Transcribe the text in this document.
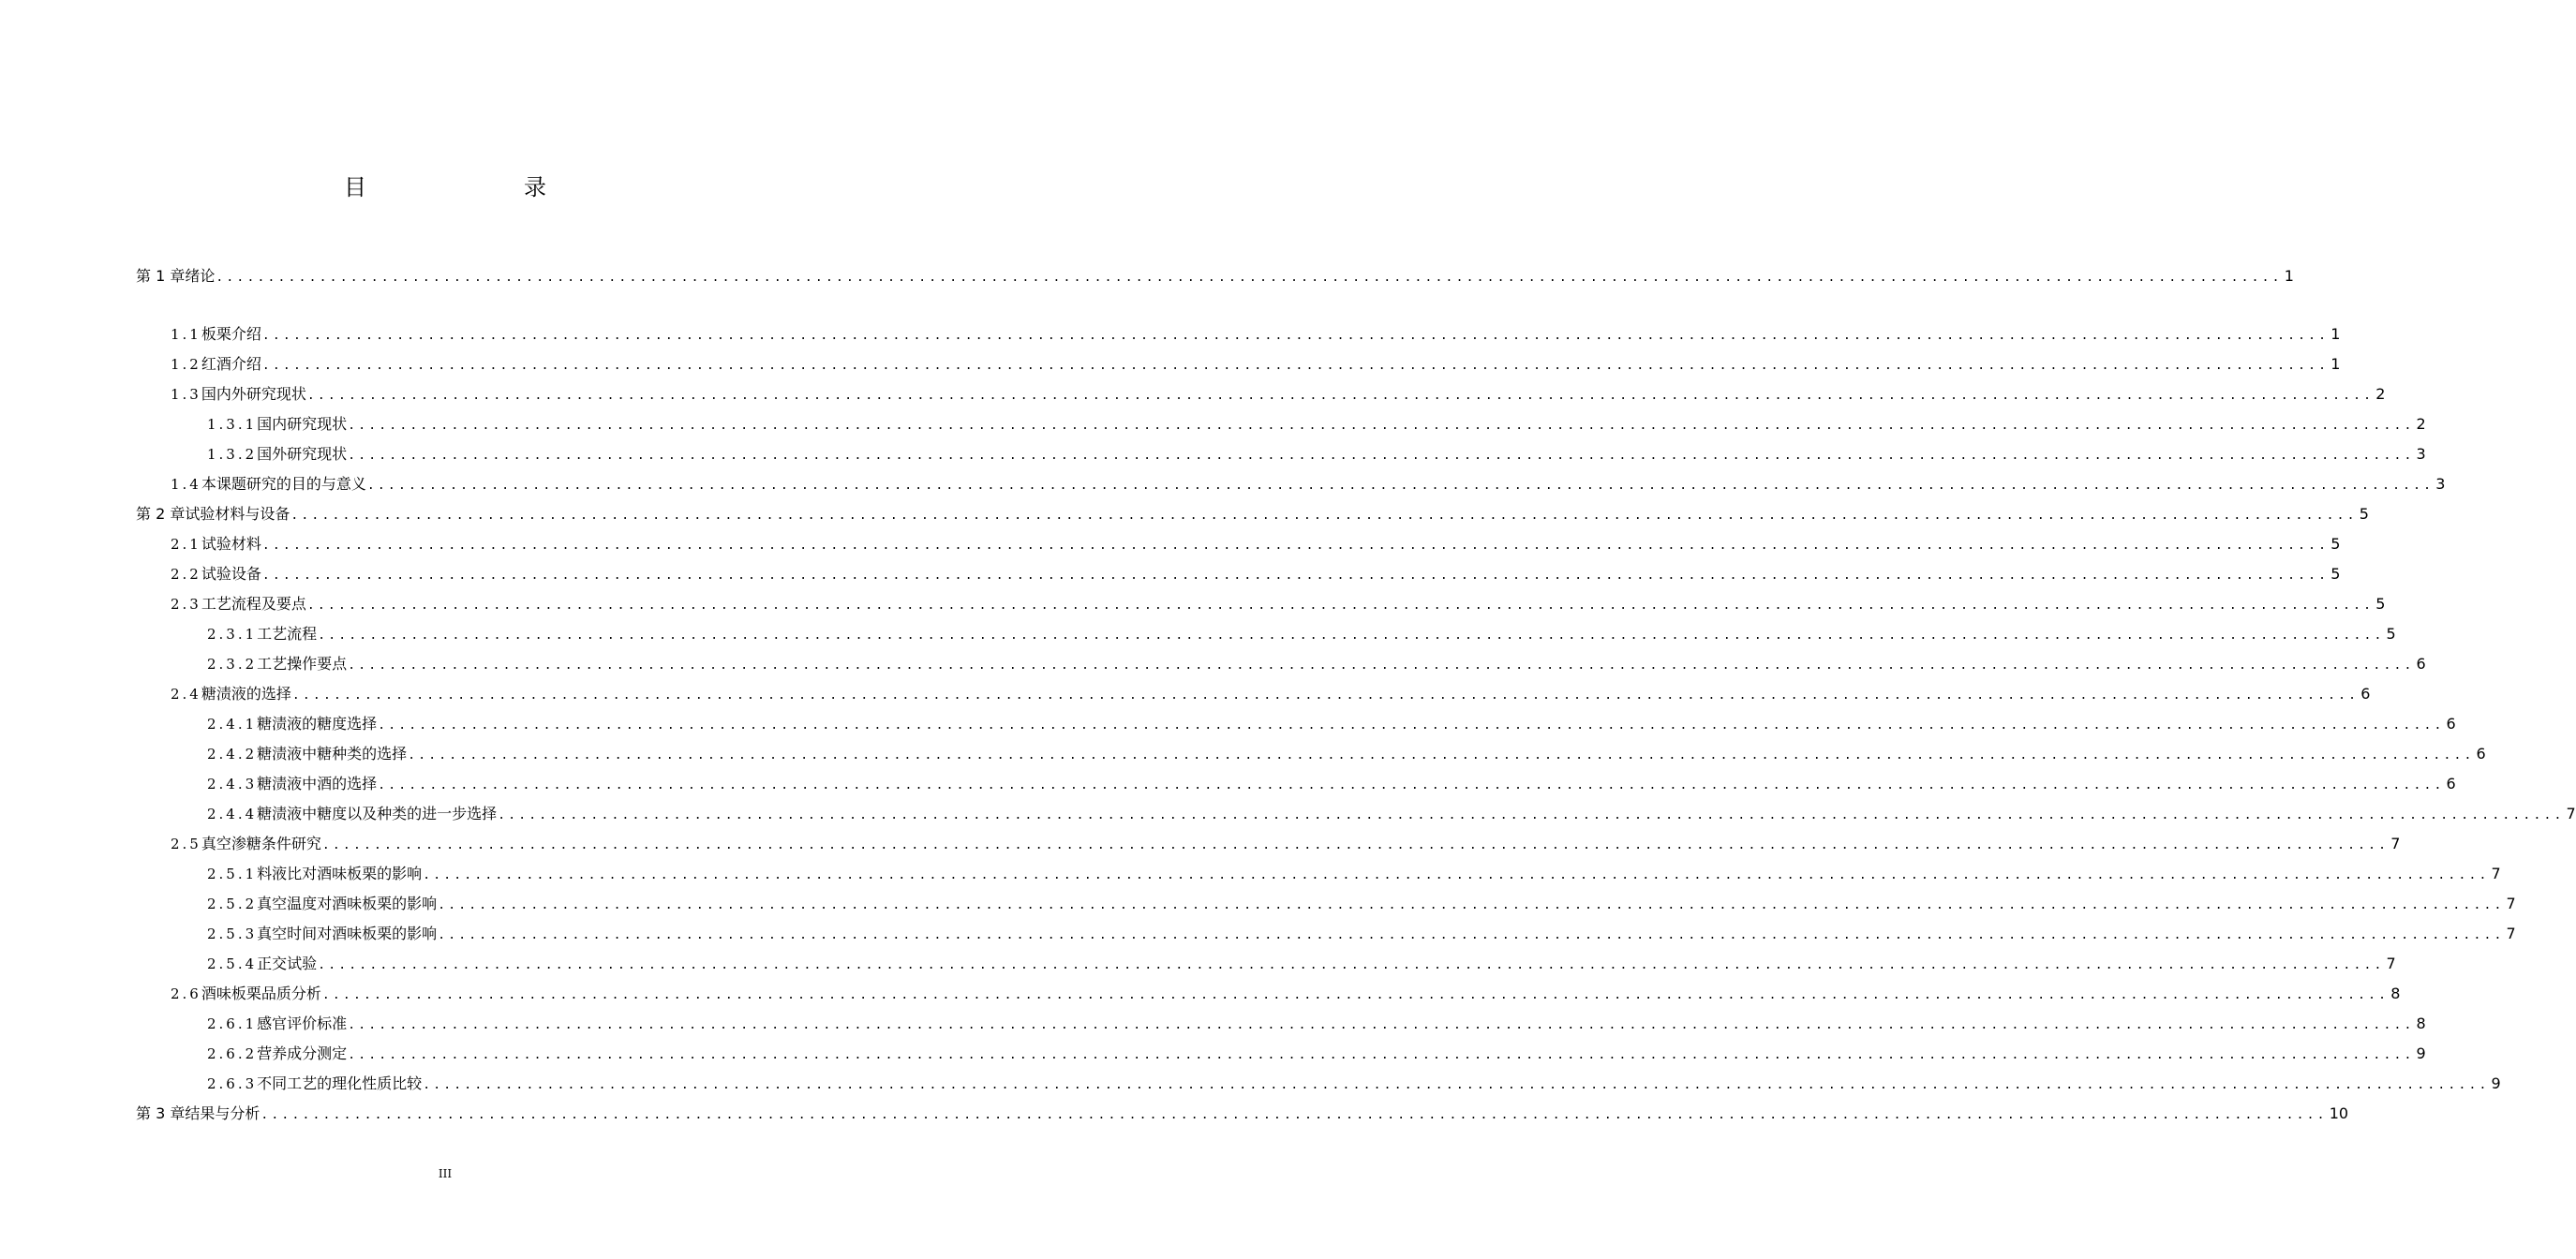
目　　录
第 1 章 绪论 ........................................................................................................................................................................................................ 1
1.1 板栗介绍 ........................................................................................................................................................................................................ 1
1.2 红酒介绍 ........................................................................................................................................................................................................ 1
1.3 国内外研究现状 ........................................................................................................................................................................................................ 2
1.3.1 国内研究现状 ........................................................................................................................................................................................................ 2
1.3.2 国外研究现状 ........................................................................................................................................................................................................ 3
1.4 本课题研究的目的与意义 ........................................................................................................................................................................................................ 3
第 2 章 试验材料与设备 ........................................................................................................................................................................................................ 5
2.1 试验材料 ........................................................................................................................................................................................................ 5
2.2 试验设备 ........................................................................................................................................................................................................ 5
2.3 工艺流程及要点 ........................................................................................................................................................................................................ 5
2.3.1 工艺流程 ........................................................................................................................................................................................................ 5
2.3.2 工艺操作要点 ........................................................................................................................................................................................................ 6
2.4 糖渍液的选择 ........................................................................................................................................................................................................ 6
2.4.1 糖渍液的糖度选择 ........................................................................................................................................................................................................ 6
2.4.2 糖渍液中糖种类的选择 ........................................................................................................................................................................................................ 6
2.4.3 糖渍液中酒的选择 ........................................................................................................................................................................................................ 6
2.4.4 糖渍液中糖度以及种类的进一步选择 ........................................................................................................................................................................................................ 7
2.5 真空渗糖条件研究 ........................................................................................................................................................................................................ 7
2.5.1 料液比对酒味板栗的影响 ........................................................................................................................................................................................................ 7
2.5.2 真空温度对酒味板栗的影响 ........................................................................................................................................................................................................ 7
2.5.3 真空时间对酒味板栗的影响 ........................................................................................................................................................................................................ 7
2.5.4 正交试验 ........................................................................................................................................................................................................ 7
2.6 酒味板栗品质分析 ........................................................................................................................................................................................................ 8
2.6.1 感官评价标准 ........................................................................................................................................................................................................ 8
2.6.2 营养成分测定 ........................................................................................................................................................................................................ 9
2.6.3 不同工艺的理化性质比较 ........................................................................................................................................................................................................ 9
第 3 章 结果与分析 ........................................................................................................................................................................................................ 10
III
